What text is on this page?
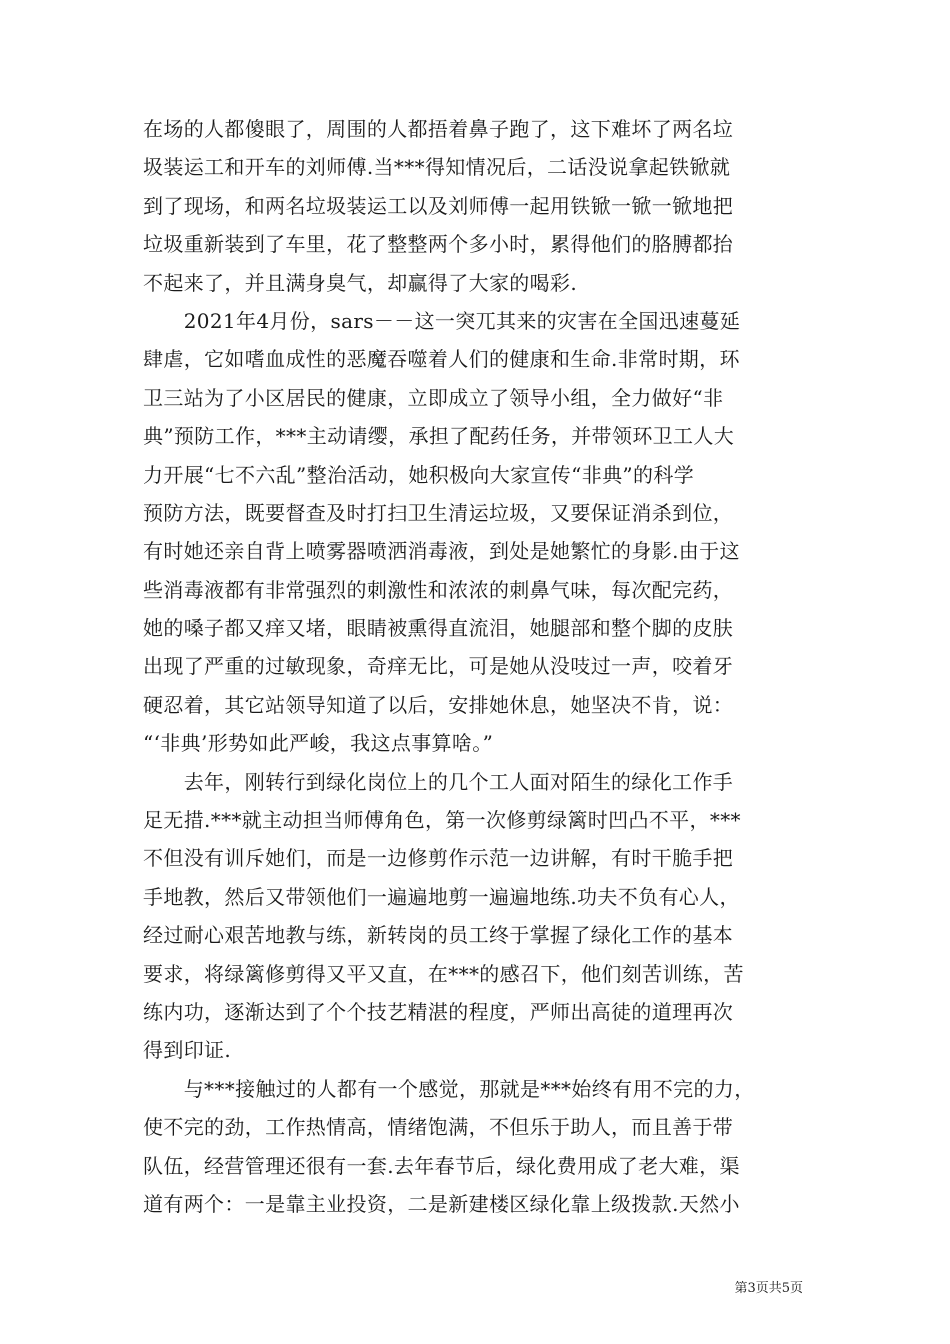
在场的人都傻眼了，周围的人都捂着鼻子跑了，这下难坏了两名垃
圾装运工和开车的刘师傅.当***得知情况后，二话没说拿起铁锨就
到了现场，和两名垃圾装运工以及刘师傅一起用铁锨一锨一锨地把
垃圾重新装到了车里，花了整整两个多小时，累得他们的胳膊都抬
不起来了，并且满身臭气，却赢得了大家的喝彩.
　　2021年4月份，sars－－这一突兀其来的灾害在全国迅速蔓延
肆虐，它如嗜血成性的恶魔吞噬着人们的健康和生命.非常时期，环
卫三站为了小区居民的健康，立即成立了领导小组，全力做好“非
典”预防工作，***主动请缨，承担了配药任务，并带领环卫工人大
力开展“七不六乱”整治活动，她积极向大家宣传“非典”的科学
预防方法，既要督查及时打扫卫生清运垃圾，又要保证消杀到位，
有时她还亲自背上喷雾器喷洒消毒液，到处是她繁忙的身影.由于这
些消毒液都有非常强烈的刺激性和浓浓的刺鼻气味，每次配完药，
她的嗓子都又痒又堵，眼睛被熏得直流泪，她腿部和整个脚的皮肤
出现了严重的过敏现象，奇痒无比，可是她从没吱过一声，咬着牙
硬忍着，其它站领导知道了以后，安排她休息，她坚决不肯，说：
“‘非典’形势如此严峻，我这点事算啥。”
　　去年，刚转行到绿化岗位上的几个工人面对陌生的绿化工作手
足无措.***就主动担当师傅角色，第一次修剪绿篱时凹凸不平，***
不但没有训斥她们，而是一边修剪作示范一边讲解，有时干脆手把
手地教，然后又带领他们一遍遍地剪一遍遍地练.功夫不负有心人，
经过耐心艰苦地教与练，新转岗的员工终于掌握了绿化工作的基本
要求，将绿篱修剪得又平又直，在***的感召下，他们刻苦训练，苦
练内功，逐渐达到了个个技艺精湛的程度，严师出高徒的道理再次
得到印证.
　　与***接触过的人都有一个感觉，那就是***始终有用不完的力，
使不完的劲，工作热情高，情绪饱满，不但乐于助人，而且善于带
队伍，经营管理还很有一套.去年春节后，绿化费用成了老大难，渠
道有两个：一是靠主业投资，二是新建楼区绿化靠上级拨款.天然小
第3页共5页
